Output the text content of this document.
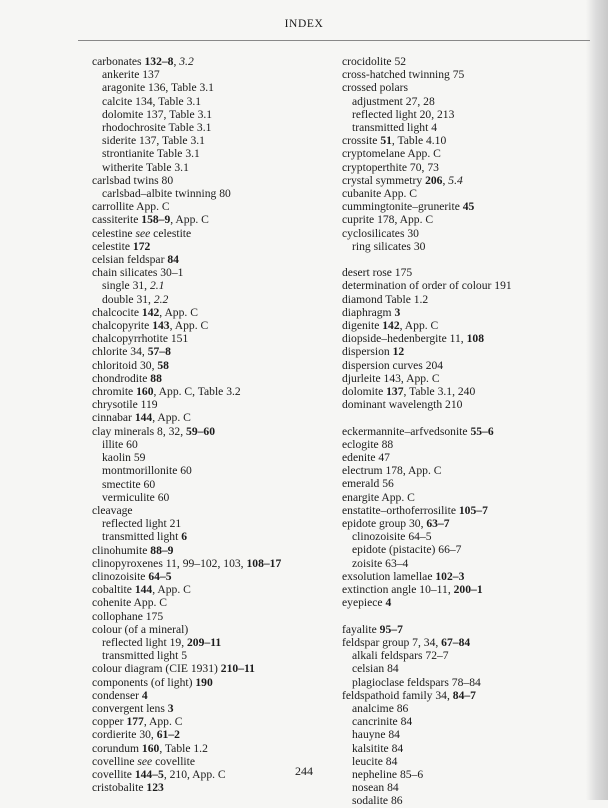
INDEX
carbonates 132–8, 3.2
ankerite 137
aragonite 136, Table 3.1
calcite 134, Table 3.1
dolomite 137, Table 3.1
rhodochrosite Table 3.1
siderite 137, Table 3.1
strontianite Table 3.1
witherite Table 3.1
carlsbad twins 80
carlsbad–albite twinning 80
carrollite App. C
cassiterite 158–9, App. C
celestine see celestite
celestite 172
celsian feldspar 84
chain silicates 30–1
single 31, 2.1
double 31, 2.2
chalcocite 142, App. C
chalcopyrite 143, App. C
chalcopyrrhotite 151
chlorite 34, 57–8
chloritoid 30, 58
chondrodite 88
chromite 160, App. C, Table 3.2
chrysotile 119
cinnabar 144, App. C
clay minerals 8, 32, 59–60
illite 60
kaolin 59
montmorillonite 60
smectite 60
vermiculite 60
cleavage
reflected light 21
transmitted light 6
clinohumite 88–9
clinopyroxenes 11, 99–102, 103, 108–17
clinozoisite 64–5
cobaltite 144, App. C
cohenite App. C
collophane 175
colour (of a mineral)
reflected light 19, 209–11
transmitted light 5
colour diagram (CIE 1931) 210–11
components (of light) 190
condenser 4
convergent lens 3
copper 177, App. C
cordierite 30, 61–2
corundum 160, Table 1.2
covelline see covellite
covellite 144–5, 210, App. C
cristobalite 123
crocidolite 52
cross-hatched twinning 75
crossed polars
adjustment 27, 28
reflected light 20, 213
transmitted light 4
crossite 51, Table 4.10
cryptomelane App. C
cryptoperthite 70, 73
crystal symmetry 206, 5.4
cubanite App. C
cummingtonite–grunerite 45
cuprite 178, App. C
cyclosilicates 30
ring silicates 30
desert rose 175
determination of order of colour 191
diamond Table 1.2
diaphragm 3
digenite 142, App. C
diopside–hedenbergite 11, 108
dispersion 12
dispersion curves 204
djurleite 143, App. C
dolomite 137, Table 3.1, 240
dominant wavelength 210
eckermannite–arfvedsonite 55–6
eclogite 88
edenite 47
electrum 178, App. C
emerald 56
enargite App. C
enstatite–orthoferrosilite 105–7
epidote group 30, 63–7
clinozoisite 64–5
epidote (pistacite) 66–7
zoisite 63–4
exsolution lamellae 102–3
extinction angle 10–11, 200–1
eyepiece 4
fayalite 95–7
feldspar group 7, 34, 67–84
alkali feldspars 72–7
celsian 84
plagioclase feldspars 78–84
feldspathoid family 34, 84–7
analcime 86
cancrinite 84
hauyne 84
kalsitite 84
leucite 84
nepheline 85–6
nosean 84
sodalite 86
244
